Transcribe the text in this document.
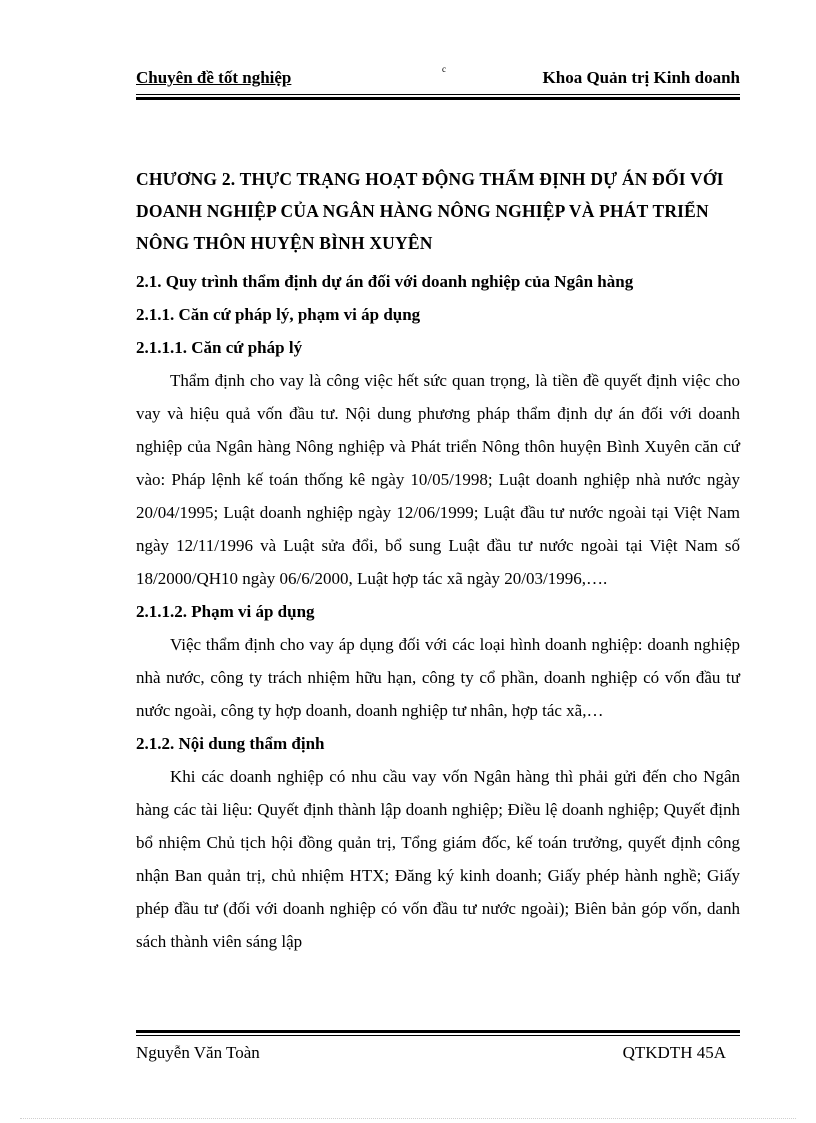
Chuyên đề tốt nghiệp	c	Khoa Quản trị Kinh doanh
CHƯƠNG 2. THỰC TRẠNG HOẠT ĐỘNG THẨM ĐỊNH DỰ ÁN ĐỐI VỚI DOANH NGHIỆP CỦA NGÂN HÀNG NÔNG NGHIỆP VÀ PHÁT TRIỂN NÔNG THÔN HUYỆN BÌNH XUYÊN

2.1. Quy trình thẩm định dự án đối với doanh nghiệp của Ngân hàng

2.1.1. Căn cứ pháp lý, phạm vi áp dụng

2.1.1.1. Căn cứ pháp lý

Thẩm định cho vay là công việc hết sức quan trọng, là tiền đề quyết định việc cho vay và hiệu quả vốn đầu tư. Nội dung phương pháp thẩm định dự án đối với doanh nghiệp của Ngân hàng Nông nghiệp và Phát triển Nông thôn huyện Bình Xuyên căn cứ vào: Pháp lệnh kế toán thống kê ngày 10/05/1998; Luật doanh nghiệp nhà nước ngày 20/04/1995; Luật doanh nghiệp ngày 12/06/1999; Luật đầu tư nước ngoài tại Việt Nam ngày 12/11/1996 và Luật sửa đổi, bổ sung Luật đầu tư nước ngoài tại Việt Nam số 18/2000/QH10 ngày 06/6/2000, Luật hợp tác xã ngày 20/03/1996,….

2.1.1.2. Phạm vi áp dụng

Việc thẩm định cho vay áp dụng đối với các loại hình doanh nghiệp: doanh nghiệp nhà nước, công ty trách nhiệm hữu hạn, công ty cổ phần, doanh nghiệp có vốn đầu tư nước ngoài, công ty hợp doanh, doanh nghiệp tư nhân, hợp tác xã,…

2.1.2. Nội dung thẩm định

Khi các doanh nghiệp có nhu cầu vay vốn Ngân hàng thì phải gửi đến cho Ngân hàng các tài liệu: Quyết định thành lập doanh nghiệp; Điều lệ doanh nghiệp; Quyết định bổ nhiệm Chủ tịch hội đồng quản trị, Tổng giám đốc, kế toán trưởng, quyết định công nhận Ban quản trị, chủ nhiệm HTX; Đăng ký kinh doanh; Giấy phép hành nghề; Giấy phép đầu tư (đối với doanh nghiệp có vốn đầu tư nước ngoài); Biên bản góp vốn, danh sách thành viên sáng lập

Nguyễn Văn Toàn	QTKDTH 45A
